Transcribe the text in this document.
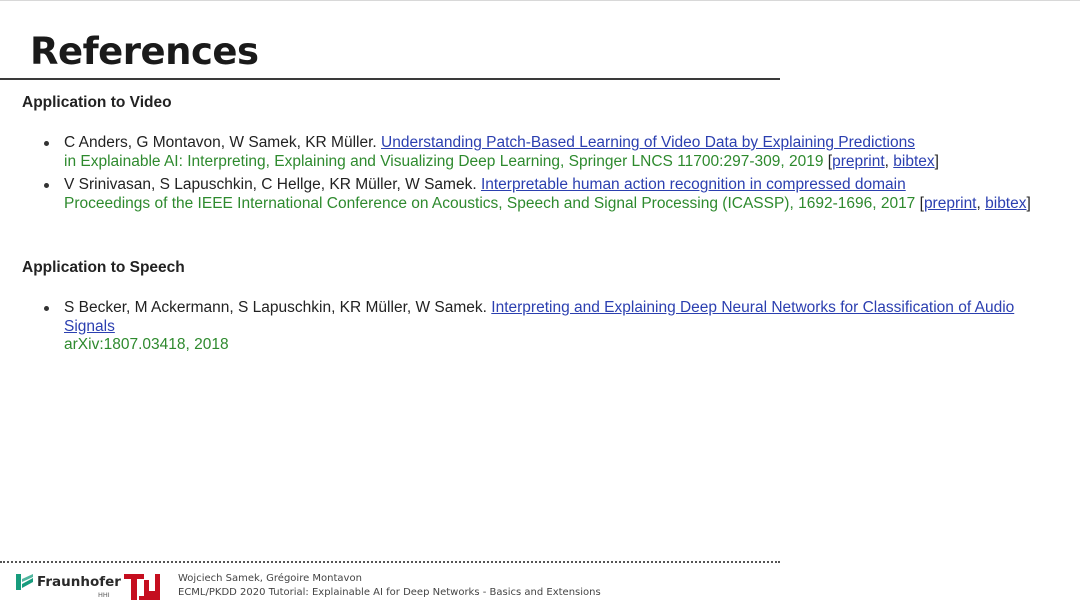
References
Application to Video
C Anders, G Montavon, W Samek, KR Müller. Understanding Patch-Based Learning of Video Data by Explaining Predictions
in Explainable AI: Interpreting, Explaining and Visualizing Deep Learning, Springer LNCS 11700:297-309, 2019 [preprint, bibtex]
V Srinivasan, S Lapuschkin, C Hellge, KR Müller, W Samek. Interpretable human action recognition in compressed domain
Proceedings of the IEEE International Conference on Acoustics, Speech and Signal Processing (ICASSP), 1692-1696, 2017 [preprint, bibtex]
Application to Speech
S Becker, M Ackermann, S Lapuschkin, KR Müller, W Samek. Interpreting and Explaining Deep Neural Networks for Classification of Audio Signals
arXiv:1807.03418, 2018
Fraunhofer
HHI
Wojciech Samek, Grégoire Montavon
ECML/PKDD 2020 Tutorial: Explainable AI for Deep Networks - Basics and Extensions
